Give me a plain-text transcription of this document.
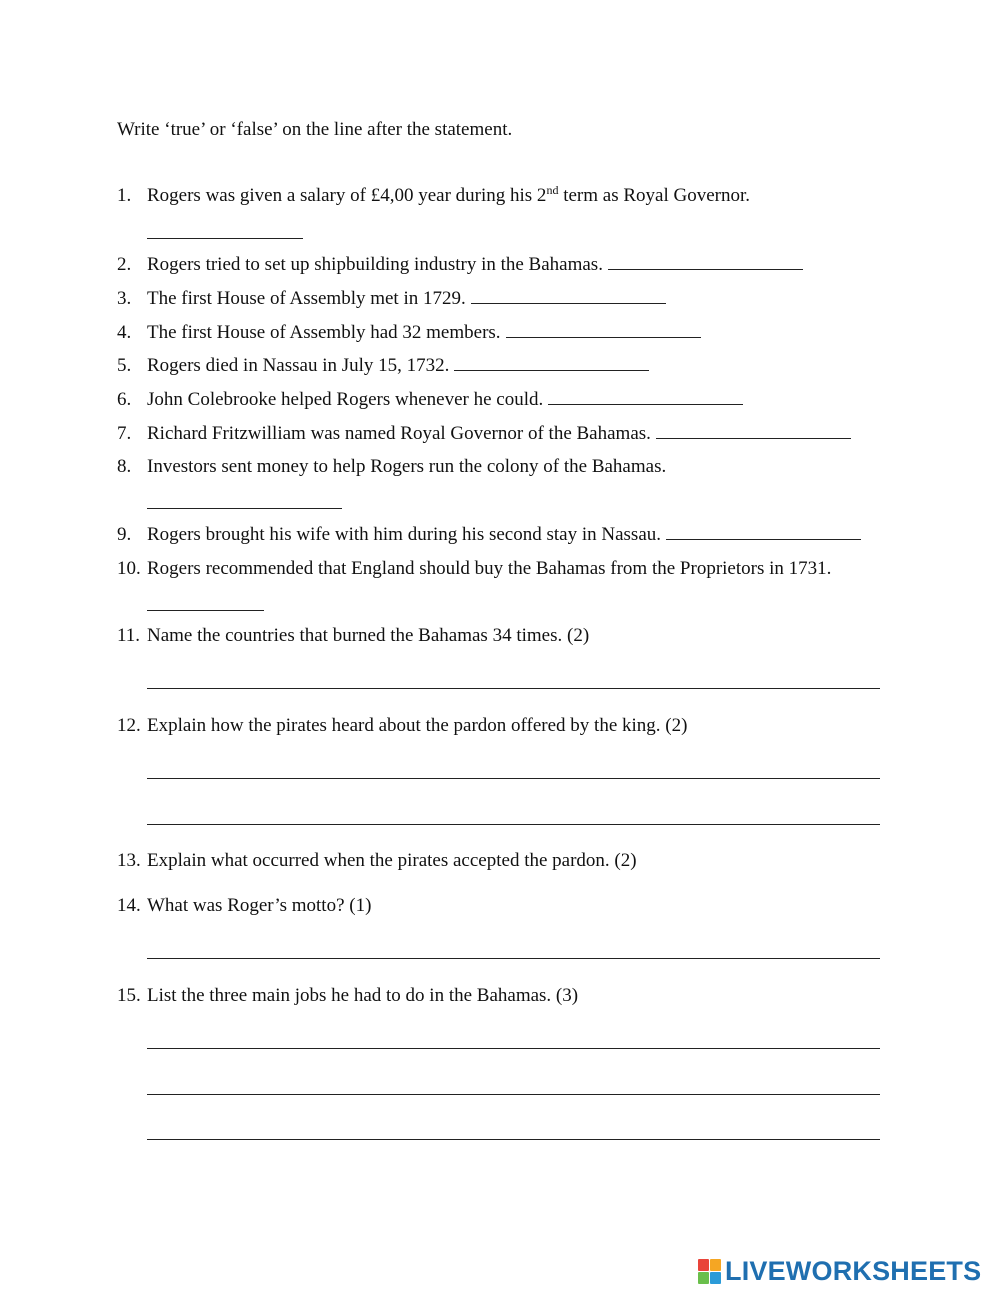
Write ‘true’ or ‘false’ on the line after the statement.
1. Rogers was given a salary of £4,00 year during his 2nd term as Royal Governor.
2. Rogers tried to set up shipbuilding industry in the Bahamas.
3. The first House of Assembly met in 1729.
4. The first House of Assembly had 32 members.
5. Rogers died in Nassau in July 15, 1732.
6. John Colebrooke helped Rogers whenever he could.
7. Richard Fritzwilliam was named Royal Governor of the Bahamas.
8. Investors sent money to help Rogers run the colony of the Bahamas.
9. Rogers brought his wife with him during his second stay in Nassau.
10. Rogers recommended that England should buy the Bahamas from the Proprietors in 1731.
11. Name the countries that burned the Bahamas 34 times. (2)
12. Explain how the pirates heard about the pardon offered by the king. (2)
13. Explain what occurred when the pirates accepted the pardon. (2)
14. What was Roger’s motto? (1)
15. List the three main jobs he had to do in the Bahamas. (3)
LIVEWORKSHEETS
